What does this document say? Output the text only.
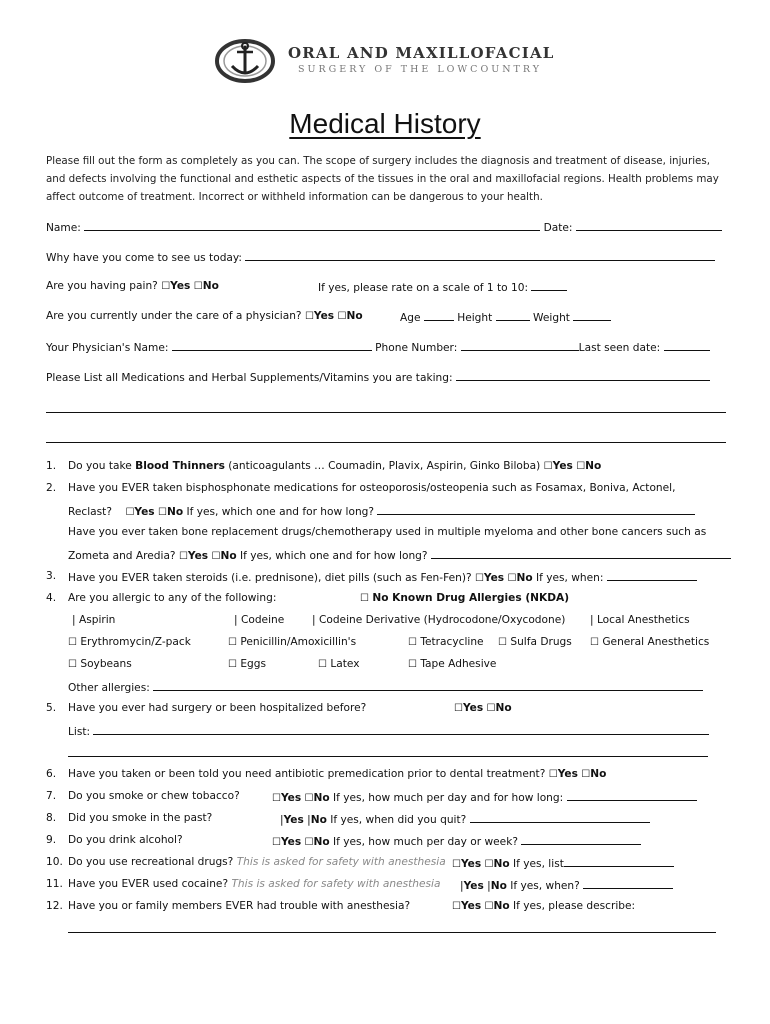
ORAL AND MAXILLOFACIAL
SURGERY OF THE LOWCOUNTRY
Medical History
Please fill out the form as completely as you can. The scope of surgery includes the diagnosis and treatment of disease, injuries, and defects involving the functional and esthetic aspects of the tissues in the oral and maxillofacial regions. Health problems may affect outcome of treatment. Incorrect or withheld information can be dangerous to your health.
Name:	Date:
Why have you come to see us today:
Are you having pain? ☐Yes ☐No	If yes, please rate on a scale of 1 to 10:
Are you currently under the care of a physician? ☐Yes ☐No	Age	Height	Weight
Your Physician's Name:	Phone Number:	Last seen date:
Please List all Medications and Herbal Supplements/Vitamins you are taking:
1. Do you take Blood Thinners (anticoagulants … Coumadin, Plavix, Aspirin, Ginko Biloba) ☐Yes ☐No
2. Have you EVER taken bisphosphonate medications for osteoporosis/osteopenia such as Fosamax, Boniva, Actonel,
Reclast? ☐Yes ☐No If yes, which one and for how long?
Have you ever taken bone replacement drugs/chemotherapy used in multiple myeloma and other bone cancers such as
Zometa and Aredia? ☐Yes ☐No If yes, which one and for how long?
3. Have you EVER taken steroids (i.e. prednisone), diet pills (such as Fen-Fen)? ☐Yes ☐No If yes, when:
4. Are you allergic to any of the following:	☐ No Known Drug Allergies (NKDA)
| Aspirin	| Codeine	| Codeine Derivative (Hydrocodone/Oxycodone) | Local Anesthetics
☐ Erythromycin/Z-pack	☐ Penicillin/Amoxicillin's	☐ Tetracycline ☐ Sulfa Drugs ☐ General Anesthetics
☐ Soybeans	☐ Eggs	☐ Latex	☐ Tape Adhesive
Other allergies:
5. Have you ever had surgery or been hospitalized before?	☐Yes ☐No
List:
6. Have you taken or been told you need antibiotic premedication prior to dental treatment? ☐Yes ☐No
7. Do you smoke or chew tobacco?	☐Yes ☐No If yes, how much per day and for how long:
8. Did you smoke in the past?	|Yes |No If yes, when did you quit?
9. Do you drink alcohol?	☐Yes ☐No If yes, how much per day or week?
10. Do you use recreational drugs? This is asked for safety with anesthesia ☐Yes ☐No If yes, list
11. Have you EVER used cocaine? This is asked for safety with anesthesia |Yes |No If yes, when?
12. Have you or family members EVER had trouble with anesthesia?	☐Yes ☐No If yes, please describe:
